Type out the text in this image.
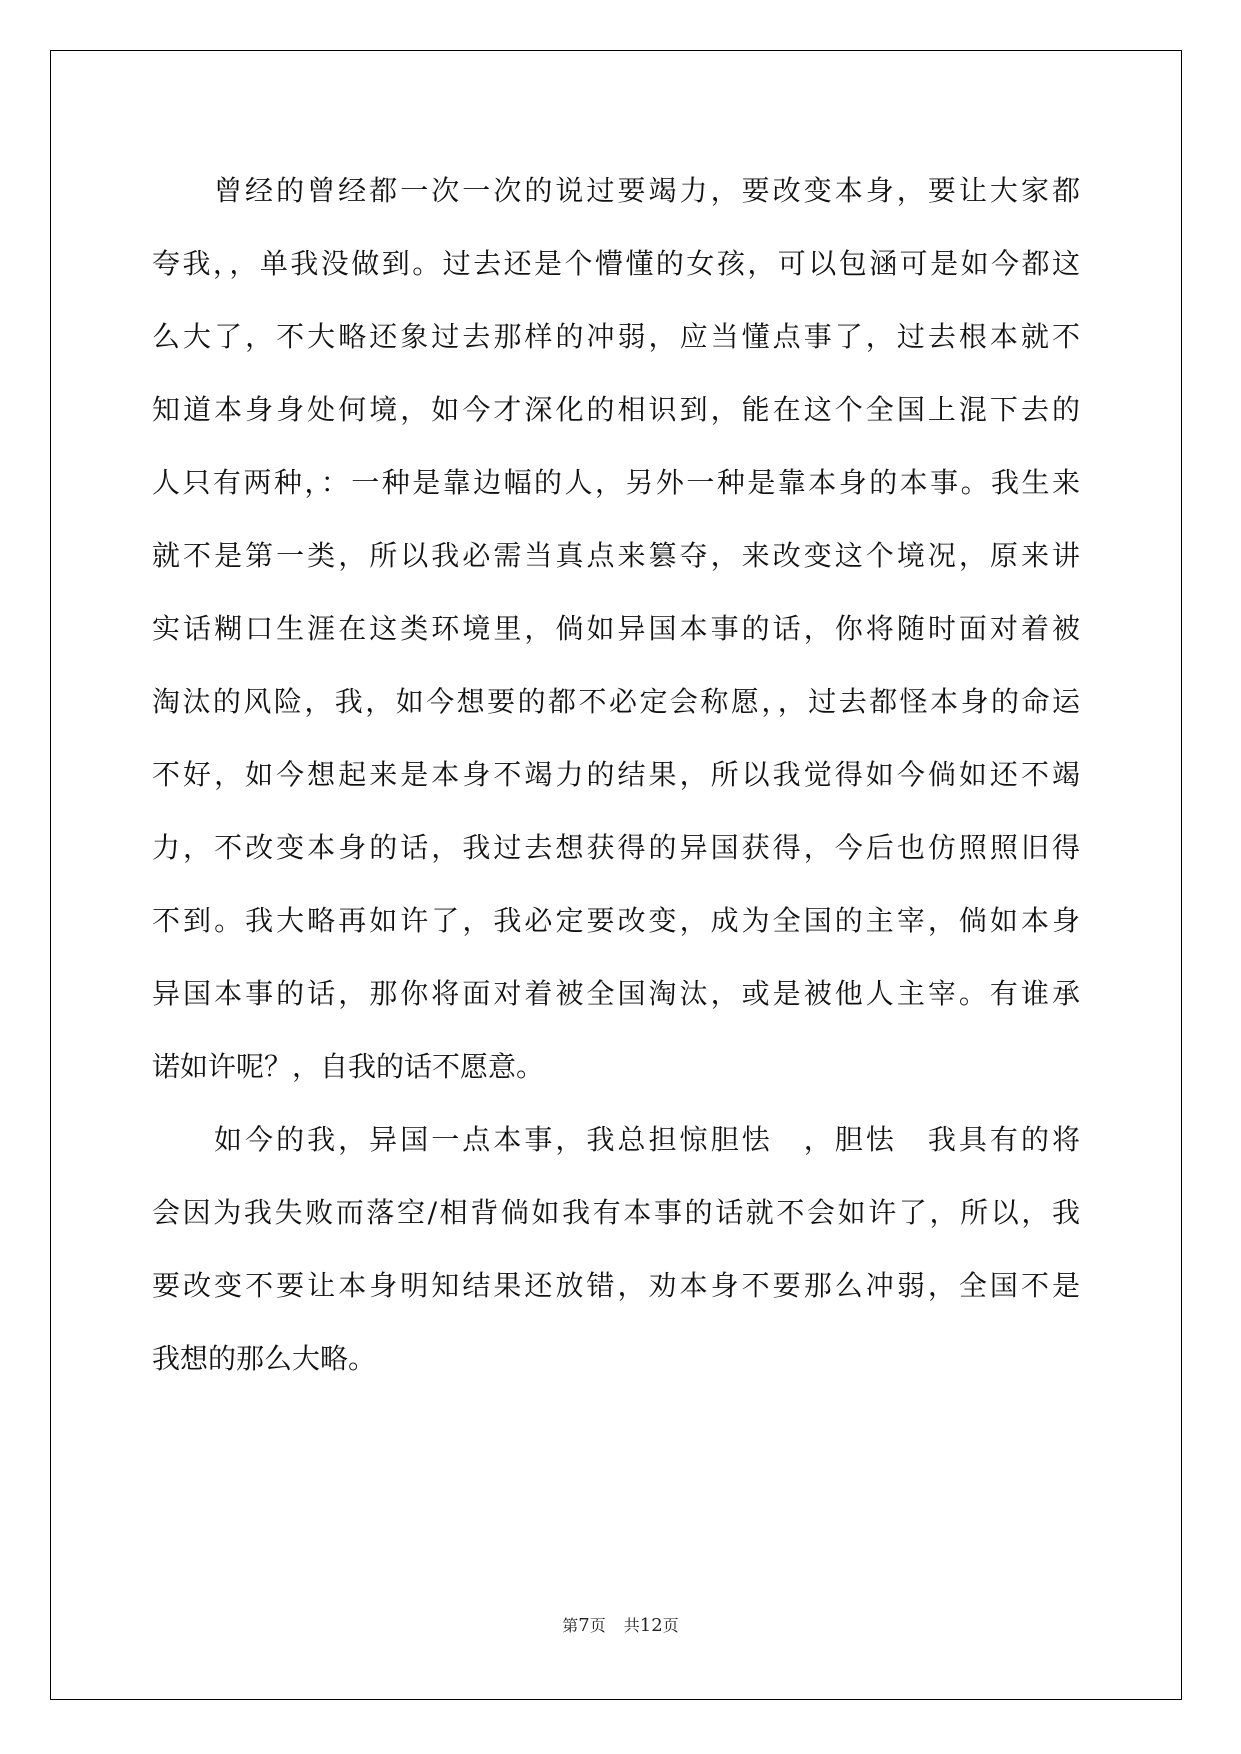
曾经的曾经都一次一次的说过要竭力，要改变本身，要让大家都
夸我，，单我没做到。过去还是个懵懂的女孩，可以包涵可是如今都这
么大了，不大略还象过去那样的冲弱，应当懂点事了，过去根本就不
知道本身身处何境，如今才深化的相识到，能在这个全国上混下去的
人只有两种，：一种是靠边幅的人，另外一种是靠本身的本事。我生来
就不是第一类，所以我必需当真点来篡夺，来改变这个境况，原来讲
实话糊口生涯在这类环境里，倘如异国本事的话，你将随时面对着被
淘汰的风险，我，如今想要的都不必定会称愿，，过去都怪本身的命运
不好，如今想起来是本身不竭力的结果，所以我觉得如今倘如还不竭
力，不改变本身的话，我过去想获得的异国获得，今后也仿照照旧得
不到。我大略再如许了，我必定要改变，成为全国的主宰，倘如本身
异国本事的话，那你将面对着被全国淘汰，或是被他人主宰。有谁承
诺如许呢？，自我的话不愿意。
如今的我，异国一点本事，我总担惊胆怯　，胆怯　我具有的将
会因为我失败而落空/相背倘如我有本事的话就不会如许了，所以，我
要改变不要让本身明知结果还放错，劝本身不要那么冲弱，全国不是
我想的那么大略。
第7页 共12页
